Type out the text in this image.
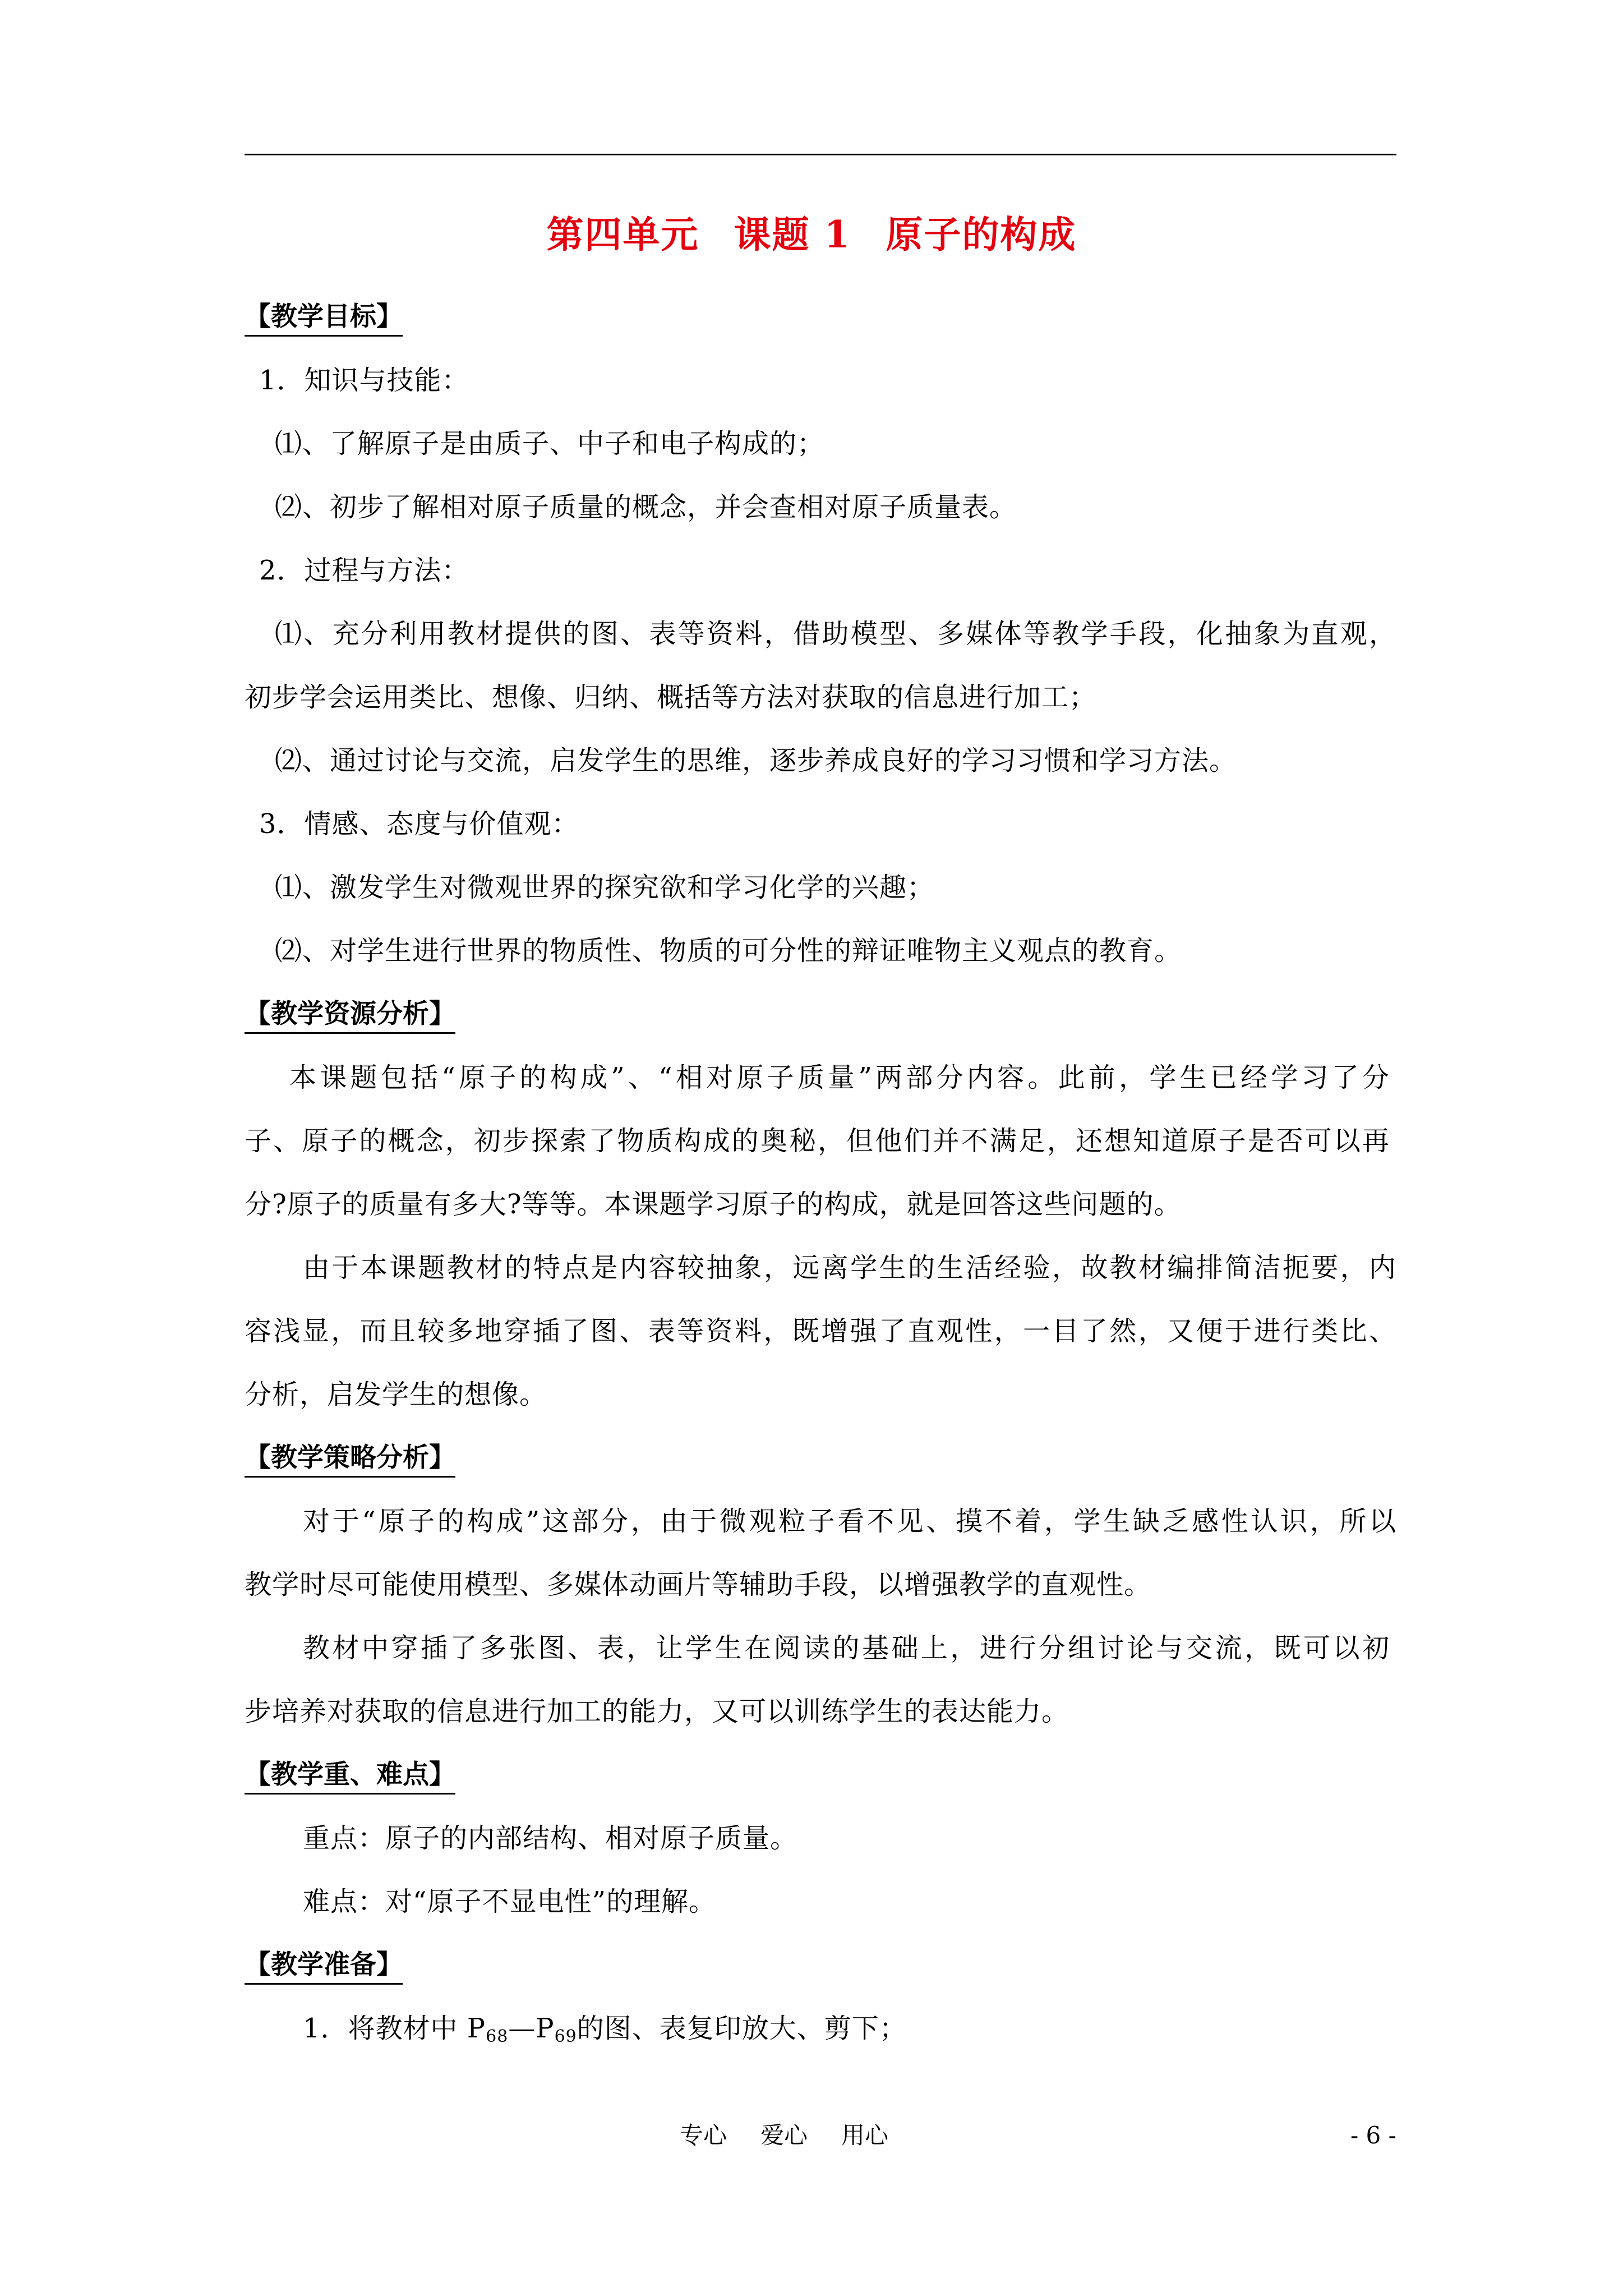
第四单元 课题 1 原子的构成
【教学目标】
1．知识与技能：
⑴、了解原子是由质子、中子和电子构成的；
⑵、初步了解相对原子质量的概念，并会查相对原子质量表。
2．过程与方法：
⑴、充分利用教材提供的图、表等资料，借助模型、多媒体等教学手段，化抽象为直观，
初步学会运用类比、想像、归纳、概括等方法对获取的信息进行加工；
⑵、通过讨论与交流，启发学生的思维，逐步养成良好的学习习惯和学习方法。
3．情感、态度与价值观：
⑴、激发学生对微观世界的探究欲和学习化学的兴趣；
⑵、对学生进行世界的物质性、物质的可分性的辩证唯物主义观点的教育。
【教学资源分析】
本课题包括“原子的构成”、“相对原子质量”两部分内容。此前，学生已经学习了分
子、原子的概念，初步探索了物质构成的奥秘，但他们并不满足，还想知道原子是否可以再
分?原子的质量有多大?等等。本课题学习原子的构成，就是回答这些问题的。
由于本课题教材的特点是内容较抽象，远离学生的生活经验，故教材编排简洁扼要，内
容浅显，而且较多地穿插了图、表等资料，既增强了直观性，一目了然，又便于进行类比、
分析，启发学生的想像。
【教学策略分析】
对于“原子的构成”这部分，由于微观粒子看不见、摸不着，学生缺乏感性认识，所以
教学时尽可能使用模型、多媒体动画片等辅助手段，以增强教学的直观性。
教材中穿插了多张图、表，让学生在阅读的基础上，进行分组讨论与交流，既可以初
步培养对获取的信息进行加工的能力，又可以训练学生的表达能力。
【教学重、难点】
重点：原子的内部结构、相对原子质量。
难点：对“原子不显电性”的理解。
【教学准备】
1．将教材中 $P_{68}—P_{69}$的图、表复印放大、剪下；
专心 爱心 用心	- 6 -
